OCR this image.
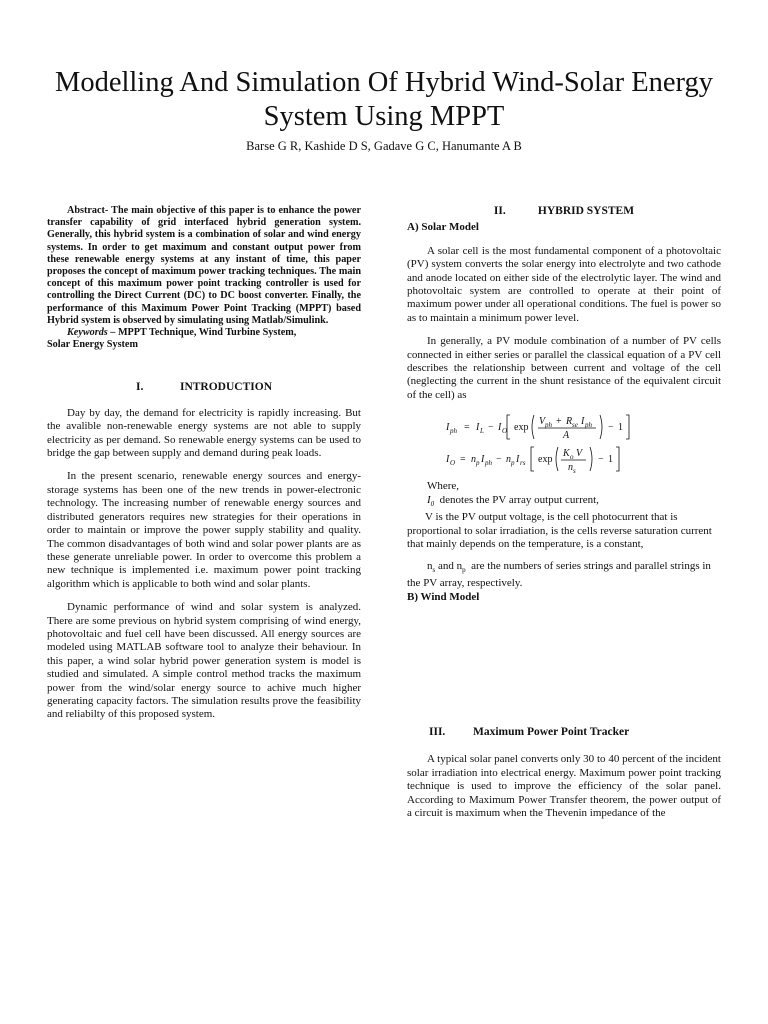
Modelling And Simulation Of Hybrid Wind-Solar Energy System Using MPPT
Barse G R, Kashide D S, Gadave G C, Hanumante A B

Abstract- The main objective of this paper is to enhance the power transfer capability of grid interfaced hybrid generation system. Generally, this hybrid system is a combination of solar and wind energy systems. In order to get maximum and constant output power from these renewable energy systems at any instant of time, this paper proposes the concept of maximum power tracking techniques. The main concept of this maximum power point tracking controller is used for controlling the Direct Current (DC) to DC boost converter. Finally, the performance of this Maximum Power Point Tracking (MPPT) based Hybrid system is observed by simulating using Matlab/Simulink.

Keywords – MPPT Technique, Wind Turbine System,

Solar Energy System

I.	INTRODUCTION

Day by day, the demand for electricity is rapidly increasing. But the avalible non-renewable energy systems are not able to supply electricity as per demand. So renewable energy systems can be used to bridge the gap between supply and demand during peak loads.

In the present scenario, renewable energy sources and energy- storage systems has been one of the new trends in power-electronic technology. The increasing number of renewable energy sources and distributed generators requires new strategies for their operations in order to maintain or improve the power supply stability and quality. The common disadvantages of both wind and solar power plants are as these generate unreliable power. In order to overcome this problem a new technique is implemented i.e. maximum power point tracking algorithm which is applicable to both wind and solar plants.

Dynamic performance of wind and solar system is analyzed. There are some previous on hybrid system comprising of wind energy, photovoltaic and fuel cell have been discussed. All energy sources are modeled using MATLAB software tool to analyze their behaviour. In this paper, a wind solar hybrid power generation system is model is studied and simulated. A simple control method tracks the maximum power from the wind/solar energy source to achive much higher generating capacity factors. The simulation results prove the feasibility and reliabilty of this proposed system.

II.	HYBRID SYSTEM
A) Solar Model

A solar cell is the most fundamental component of a photovoltaic (PV) system converts the solar energy into electrolyte and two cathode and anode located on either side of the electrolytic layer. The wind and photovoltaic system are controlled to operate at their point of maximum power under all operational conditions. The fuel is power so as to maintain a minimum power level.

In generally, a PV module combination of a number of PV cells connected in either series or parallel the classical equation of a PV cell describes the relationship between current and voltage of the cell (neglecting the current in the shunt resistance of the equivalent circuit of the cell) as

I ph = I L − I O exp
V ph + R se I ph
A
− 1
I O = n p I ph − n p I rs exp
K o V
n s
− 1

Where,

$I_0$ denotes the PV array output current,

V is the PV output voltage, is the cell photocurrent that is proportional to solar irradiation, is the cells reverse saturation current that mainly depends on the temperature, is a constant,

$n_s$ and $n_p$ are the numbers of series strings and parallel strings in the PV array, respectively.

B) Wind Model
III. Maximum Power Point Tracker

A typical solar panel converts only 30 to 40 percent of the incident solar irradiation into electrical energy. Maximum power point tracking technique is used to improve the efficiency of the solar panel. According to Maximum Power Transfer theorem, the power output of a circuit is maximum when the Thevenin impedance of the
